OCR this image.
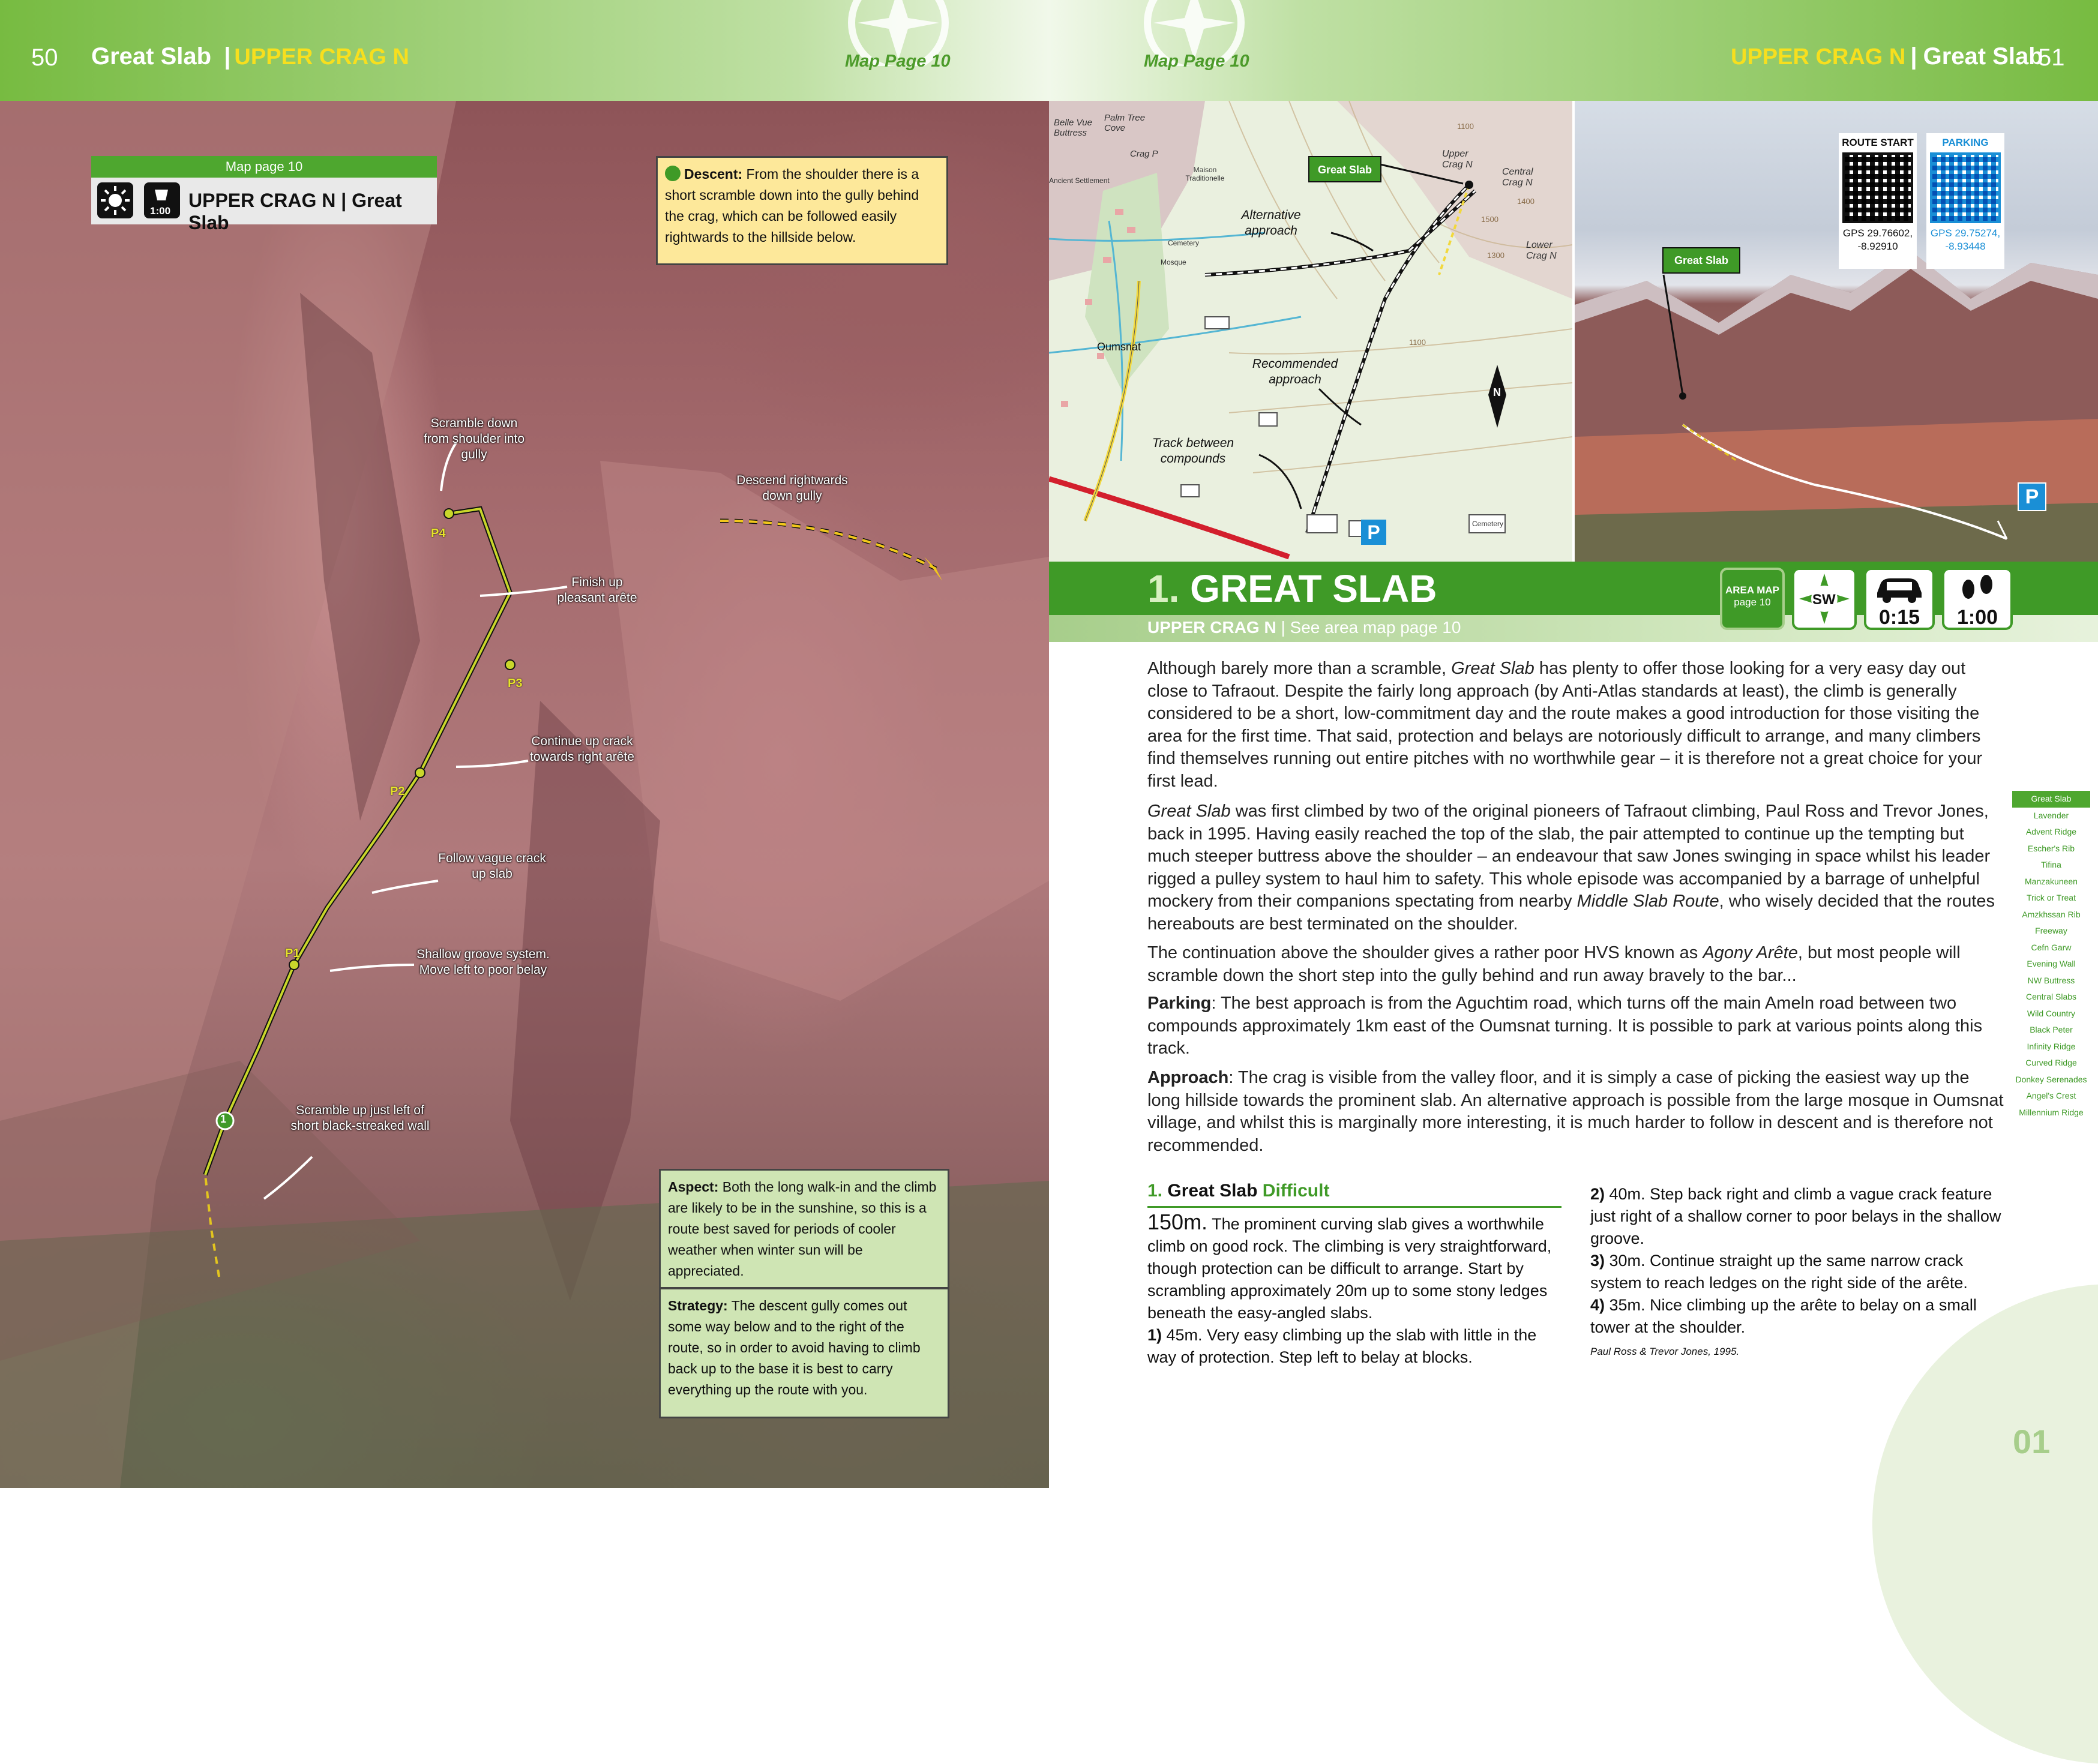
50 Great Slab | UPPER CRAG N	Map Page 10	Map Page 10	UPPER CRAG N | Great Slab
51
1
P4
P3
P2
P1
Scramble down from shoulder into gully
Descend rightwards down gully
Finish up pleasant arête
Continue up crack towards right arête
Follow vague crack up slab
Shallow groove system. Move left to poor belay
Scramble up just left of short black-streaked wall
Map page 10
1:00 UPPER CRAG N | Great Slab
Descent: From the shoulder there is a short scramble down into the gully behind the crag, which can be followed easily rightwards to the hillside below.
Aspect: Both the long walk-in and the climb are likely to be in the sunshine, so this is a route best saved for periods of cooler weather when winter sun will be appreciated.
Strategy: The descent gully comes out some way below and to the right of the route, so in order to avoid having to climb back up to the base it is best to carry everything up the route with you.
Belle Vue Buttress
Palm Tree Cove
Crag P
Maison Traditionelle
Ancient Settlement
Cemetery
Mosque
Oumsnat
Upper Crag N
Central Crag N
Lower Crag N
Cemetery
1100
1300
1400
1500
1100
Great Slab
Alternative approach
Recommended approach
Track between compounds
P
N
Great Slab
ROUTE START
GPS 29.76602, -8.92910
PARKING
GPS 29.75274, -8.93448
P
1. GREAT SLAB
UPPER CRAG N | See area map page 10
AREA MAP
page 10	SW
0:15	1:00
Although barely more than a scramble, Great Slab has plenty to offer those looking for a very easy day out close to Tafraout. Despite the fairly long approach (by Anti-Atlas standards at least), the climb is generally considered to be a short, low-commitment day and the route makes a good introduction for those visiting the area for the first time. That said, protection and belays are notoriously difficult to arrange, and many climbers find themselves running out entire pitches with no worthwhile gear – it is therefore not a great choice for your first lead.
Great Slab was first climbed by two of the original pioneers of Tafraout climbing, Paul Ross and Trevor Jones, back in 1995. Having easily reached the top of the slab, the pair attempted to continue up the tempting but much steeper buttress above the shoulder – an endeavour that saw Jones swinging in space whilst his leader rigged a pulley system to haul him to safety. This whole episode was accompanied by a barrage of unhelpful mockery from their companions spectating from nearby Middle Slab Route, who wisely decided that the routes hereabouts are best terminated on the shoulder.
The continuation above the shoulder gives a rather poor HVS known as Agony Arête, but most people will scramble down the short step into the gully behind and run away bravely to the bar...
Parking: The best approach is from the Aguchtim road, which turns off the main Ameln road between two compounds approximately 1km east of the Oumsnat turning. It is possible to park at various points along this track.
Approach: The crag is visible from the valley floor, and it is simply a case of picking the easiest way up the long hillside towards the prominent slab. An alternative approach is possible from the large mosque in Oumsnat village, and whilst this is marginally more interesting, it is much harder to follow in descent and is therefore not recommended.
Great Slab
Lavender
Advent Ridge
Escher's Rib
Tifina
Manzakuneen
Trick or Treat
Amzkhssan Rib
Freeway
Cefn Garw
Evening Wall
NW Buttress
Central Slabs
Wild Country
Black Peter
Infinity Ridge
Curved Ridge
Donkey Serenades
Angel's Crest
Millennium Ridge
1. Great Slab Difficult
150m. The prominent curving slab gives a worthwhile climb on good rock. The climbing is very straightforward, though protection can be difficult to arrange. Start by scrambling approximately 20m up to some stony ledges beneath the easy-angled slabs.
1) 45m. Very easy climbing up the slab with little in the way of protection. Step left to belay at blocks.
2) 40m. Step back right and climb a vague crack feature just right of a shallow corner to poor belays in the shallow groove.
3) 30m. Continue straight up the same narrow crack system to reach ledges on the right side of the arête.
4) 35m. Nice climbing up the arête to belay on a small tower at the shoulder.
Paul Ross & Trevor Jones, 1995.
01
